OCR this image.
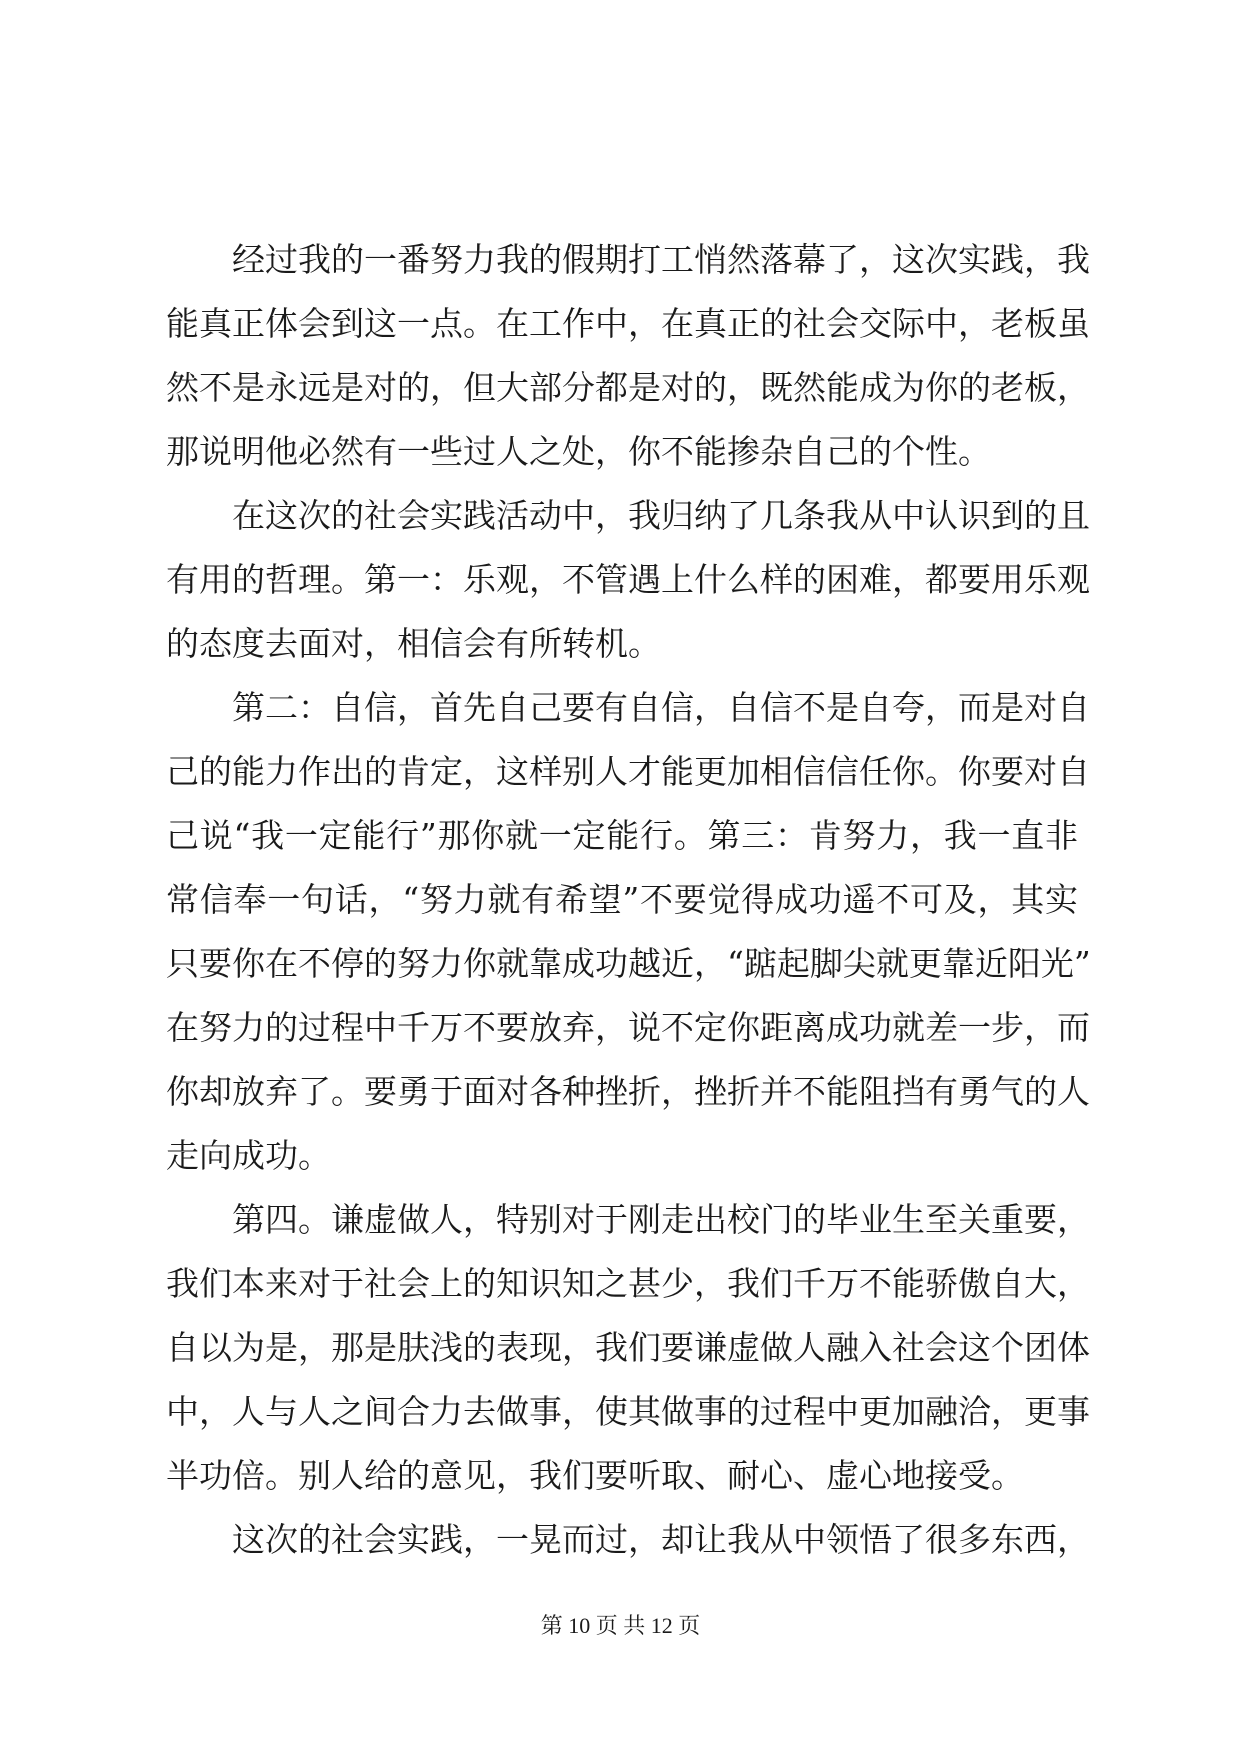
经过我的一番努力我的假期打工悄然落幕了，这次实践，我
能真正体会到这一点。在工作中，在真正的社会交际中，老板虽
然不是永远是对的，但大部分都是对的，既然能成为你的老板，
那说明他必然有一些过人之处，你不能掺杂自己的个性。
在这次的社会实践活动中，我归纳了几条我从中认识到的且
有用的哲理。第一：乐观，不管遇上什么样的困难，都要用乐观
的态度去面对，相信会有所转机。
第二：自信，首先自己要有自信，自信不是自夸，而是对自
己的能力作出的肯定，这样别人才能更加相信信任你。你要对自
己说“我一定能行”那你就一定能行。第三：肯努力，我一直非
常信奉一句话，“努力就有希望”不要觉得成功遥不可及，其实
只要你在不停的努力你就靠成功越近，“踮起脚尖就更靠近阳光”
在努力的过程中千万不要放弃，说不定你距离成功就差一步，而
你却放弃了。要勇于面对各种挫折，挫折并不能阻挡有勇气的人
走向成功。
第四。谦虚做人，特别对于刚走出校门的毕业生至关重要，
我们本来对于社会上的知识知之甚少，我们千万不能骄傲自大，
自以为是，那是肤浅的表现，我们要谦虚做人融入社会这个团体
中，人与人之间合力去做事，使其做事的过程中更加融洽，更事
半功倍。别人给的意见，我们要听取、耐心、虚心地接受。
这次的社会实践，一晃而过，却让我从中领悟了很多东西，
第 10 页 共 12 页
